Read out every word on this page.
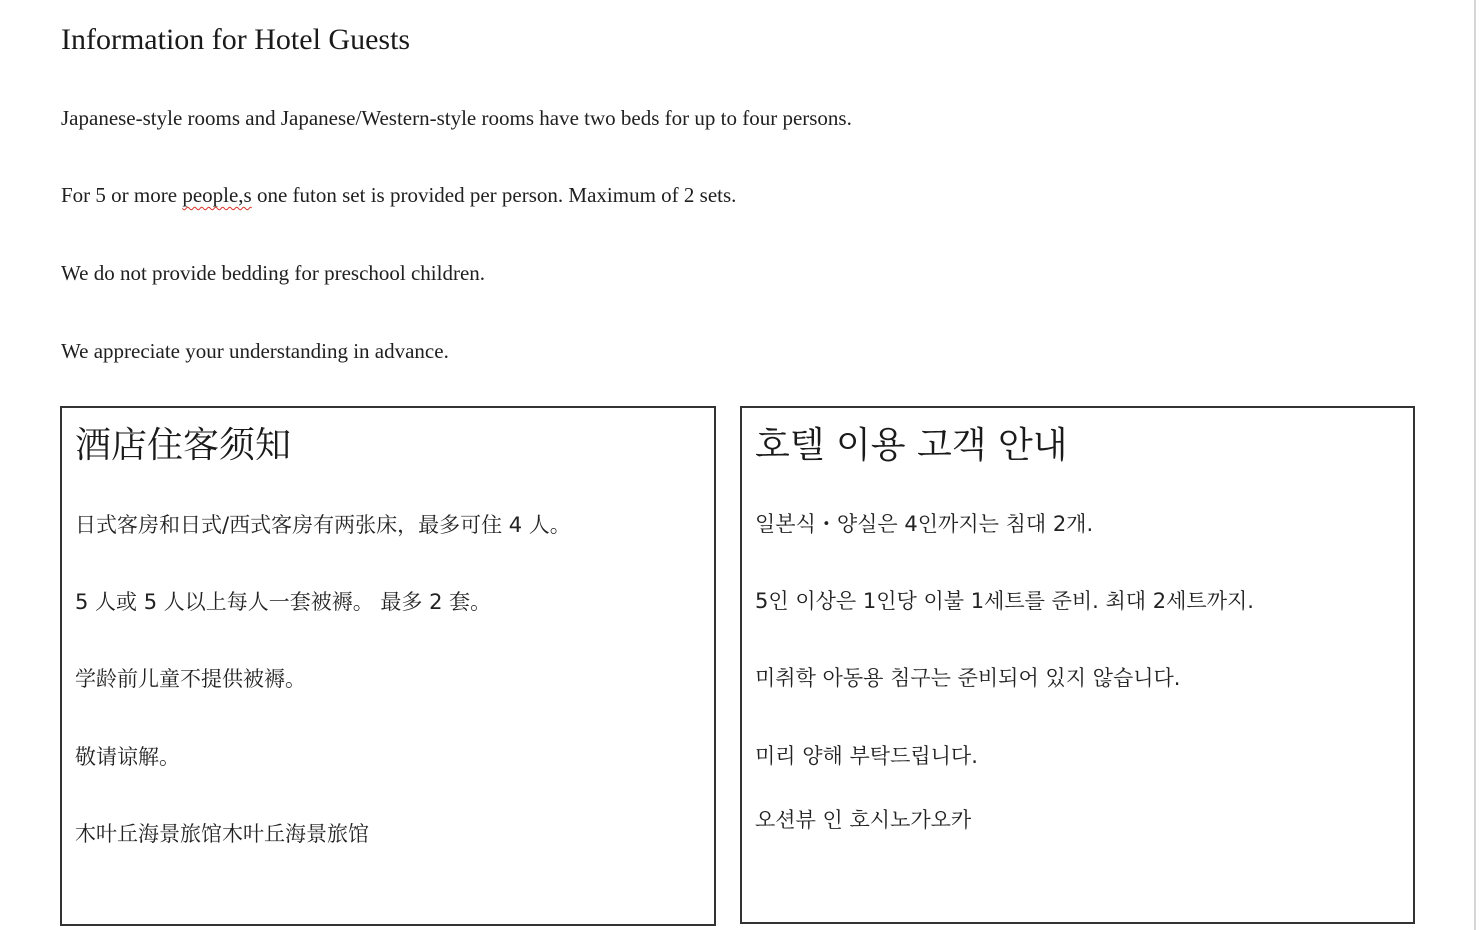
Information for Hotel Guests
Japanese-style rooms and Japanese/Western-style rooms have two beds for up to four persons.
For 5 or more people,s one futon set is provided per person. Maximum of 2 sets.
We do not provide bedding for preschool children.
We appreciate your understanding in advance.
酒店住客须知
日式客房和日式/西式客房有两张床，最多可住 4 人。
5 人或 5 人以上每人一套被褥。 最多 2 套。
学龄前儿童不提供被褥。
敬请谅解。
木叶丘海景旅馆木叶丘海景旅馆
호텔 이용 고객 안내
일본식・양실은 4인까지는 침대 2개.
5인 이상은 1인당 이불 1세트를 준비. 최대 2세트까지.
미취학 아동용 침구는 준비되어 있지 않습니다.
미리 양해 부탁드립니다.
오션뷰 인 호시노가오카
